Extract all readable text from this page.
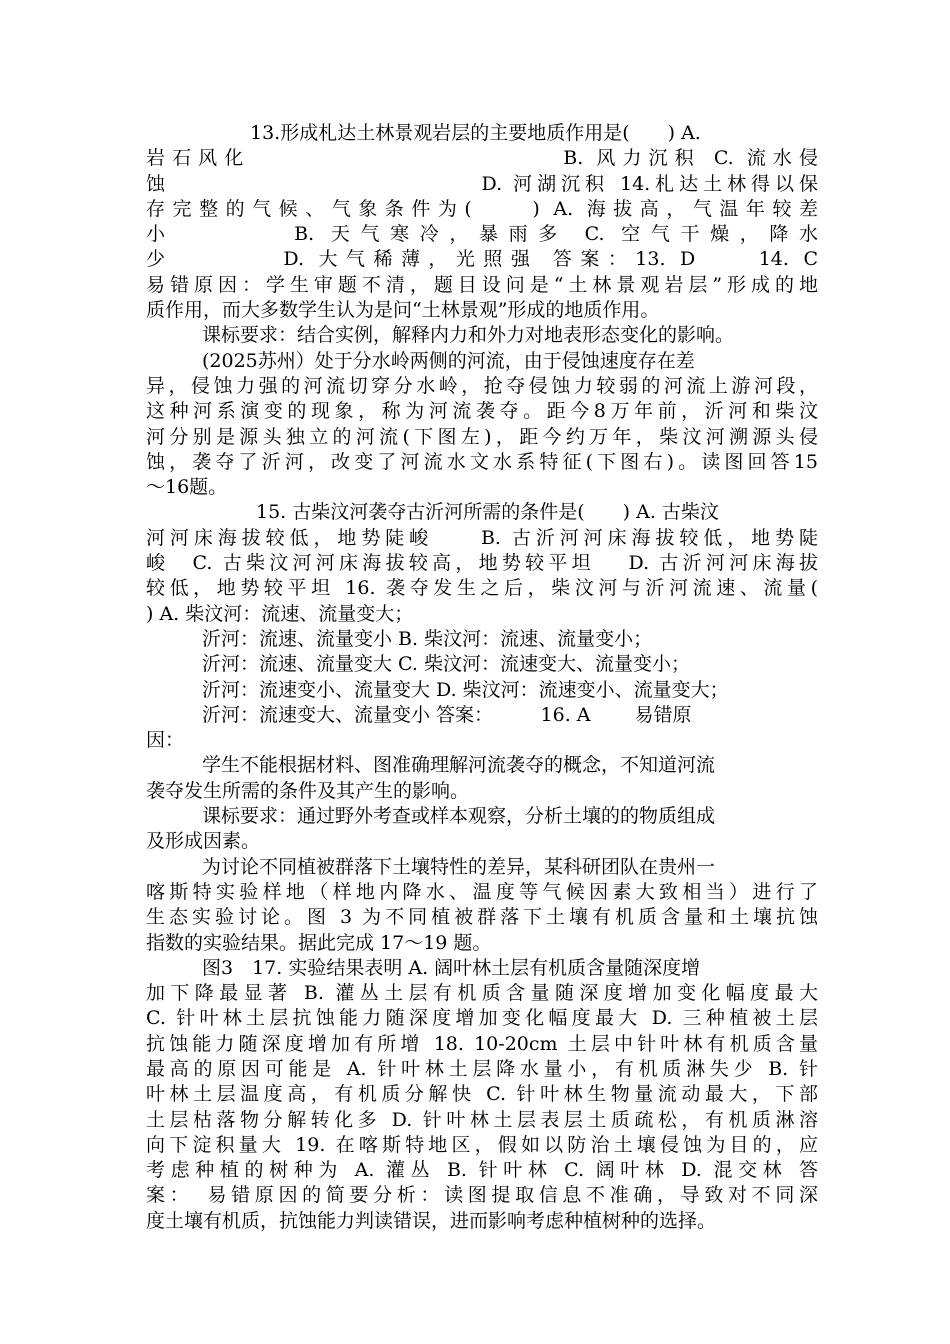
13.形成札达土林景观岩层的主要地质作用是(　　) A.
岩石风化　　　　　　　　　　　　B. 风力沉积 C. 流水侵
蚀　　　　　　　　　　　　　D. 河湖沉积 14.札达土林得以保
存完整的气候、气象条件为(　　) A. 海拔高，气温年较差
小　　　　B. 天气寒冷，暴雨多 C. 空气干燥，降水
少　　　　D. 大气稀薄，光照强 答案：13. D　　14. C
易错原因：学生审题不清，题目设问是“土林景观岩层”形成的地
质作用，而大多数学生认为是问“土林景观”形成的地质作用。
课标要求：结合实例，解释内力和外力对地表形态变化的影响。
(2025苏州）处于分水岭两侧的河流，由于侵蚀速度存在差
异，侵蚀力强的河流切穿分水岭，抢夺侵蚀力较弱的河流上游河段，
这种河系演变的现象，称为河流袭夺。距今8万年前，沂河和柴汶
河分别是源头独立的河流(下图左)，距今约万年，柴汶河溯源头侵
蚀，袭夺了沂河，改变了河流水文水系特征(下图右)。读图回答15
～16题。
15. 古柴汶河袭夺古沂河所需的条件是(　　) A. 古柴汶
河河床海拔较低，地势陡峻　　B. 古沂河河床海拔较低，地势陡
峻　C. 古柴汶河河床海拔较高，地势较平坦　 D. 古沂河河床海拔
较低，地势较平坦 16. 袭夺发生之后，柴汶河与沂河流速、流量(
) A. 柴汶河：流速、流量变大；
沂河：流速、流量变小 B. 柴汶河：流速、流量变小；
沂河：流速、流量变大 C. 柴汶河：流速变大、流量变小；
沂河：流速变小、流量变大 D. 柴汶河：流速变小、流量变大；
沂河：流速变大、流量变小 答案：　　　16. A　　 易错原
因：
学生不能根据材料、图准确理解河流袭夺的概念，不知道河流
袭夺发生所需的条件及其产生的影响。
课标要求：通过野外考查或样本观察，分析土壤的的物质组成
及形成因素。
为讨论不同植被群落下土壤特性的差异，某科研团队在贵州一
喀斯特实验样地（样地内降水、温度等气候因素大致相当）进行了
生态实验讨论。图 3 为不同植被群落下土壤有机质含量和土壤抗蚀
指数的实验结果。据此完成 17～19 题。
图3　17. 实验结果表明 A. 阔叶林土层有机质含量随深度增
加下降最显著 B. 灌丛土层有机质含量随深度增加变化幅度最大
C. 针叶林土层抗蚀能力随深度增加变化幅度最大 D. 三种植被土层
抗蚀能力随深度增加有所增 18. 10-20cm 土层中针叶林有机质含量
最高的原因可能是 A. 针叶林土层降水量小，有机质淋失少 B. 针
叶林土层温度高，有机质分解快 C. 针叶林生物量流动最大，下部
土层枯落物分解转化多 D. 针叶林土层表层土质疏松，有机质淋溶
向下淀积量大 19. 在喀斯特地区，假如以防治土壤侵蚀为目的，应
考虑种植的树种为 A. 灌丛 B. 针叶林 C. 阔叶林 D. 混交林 答
案：　易错原因的简要分析：读图提取信息不准确，导致对不同深
度土壤有机质，抗蚀能力判读错误，进而影响考虑种植树种的选择。
